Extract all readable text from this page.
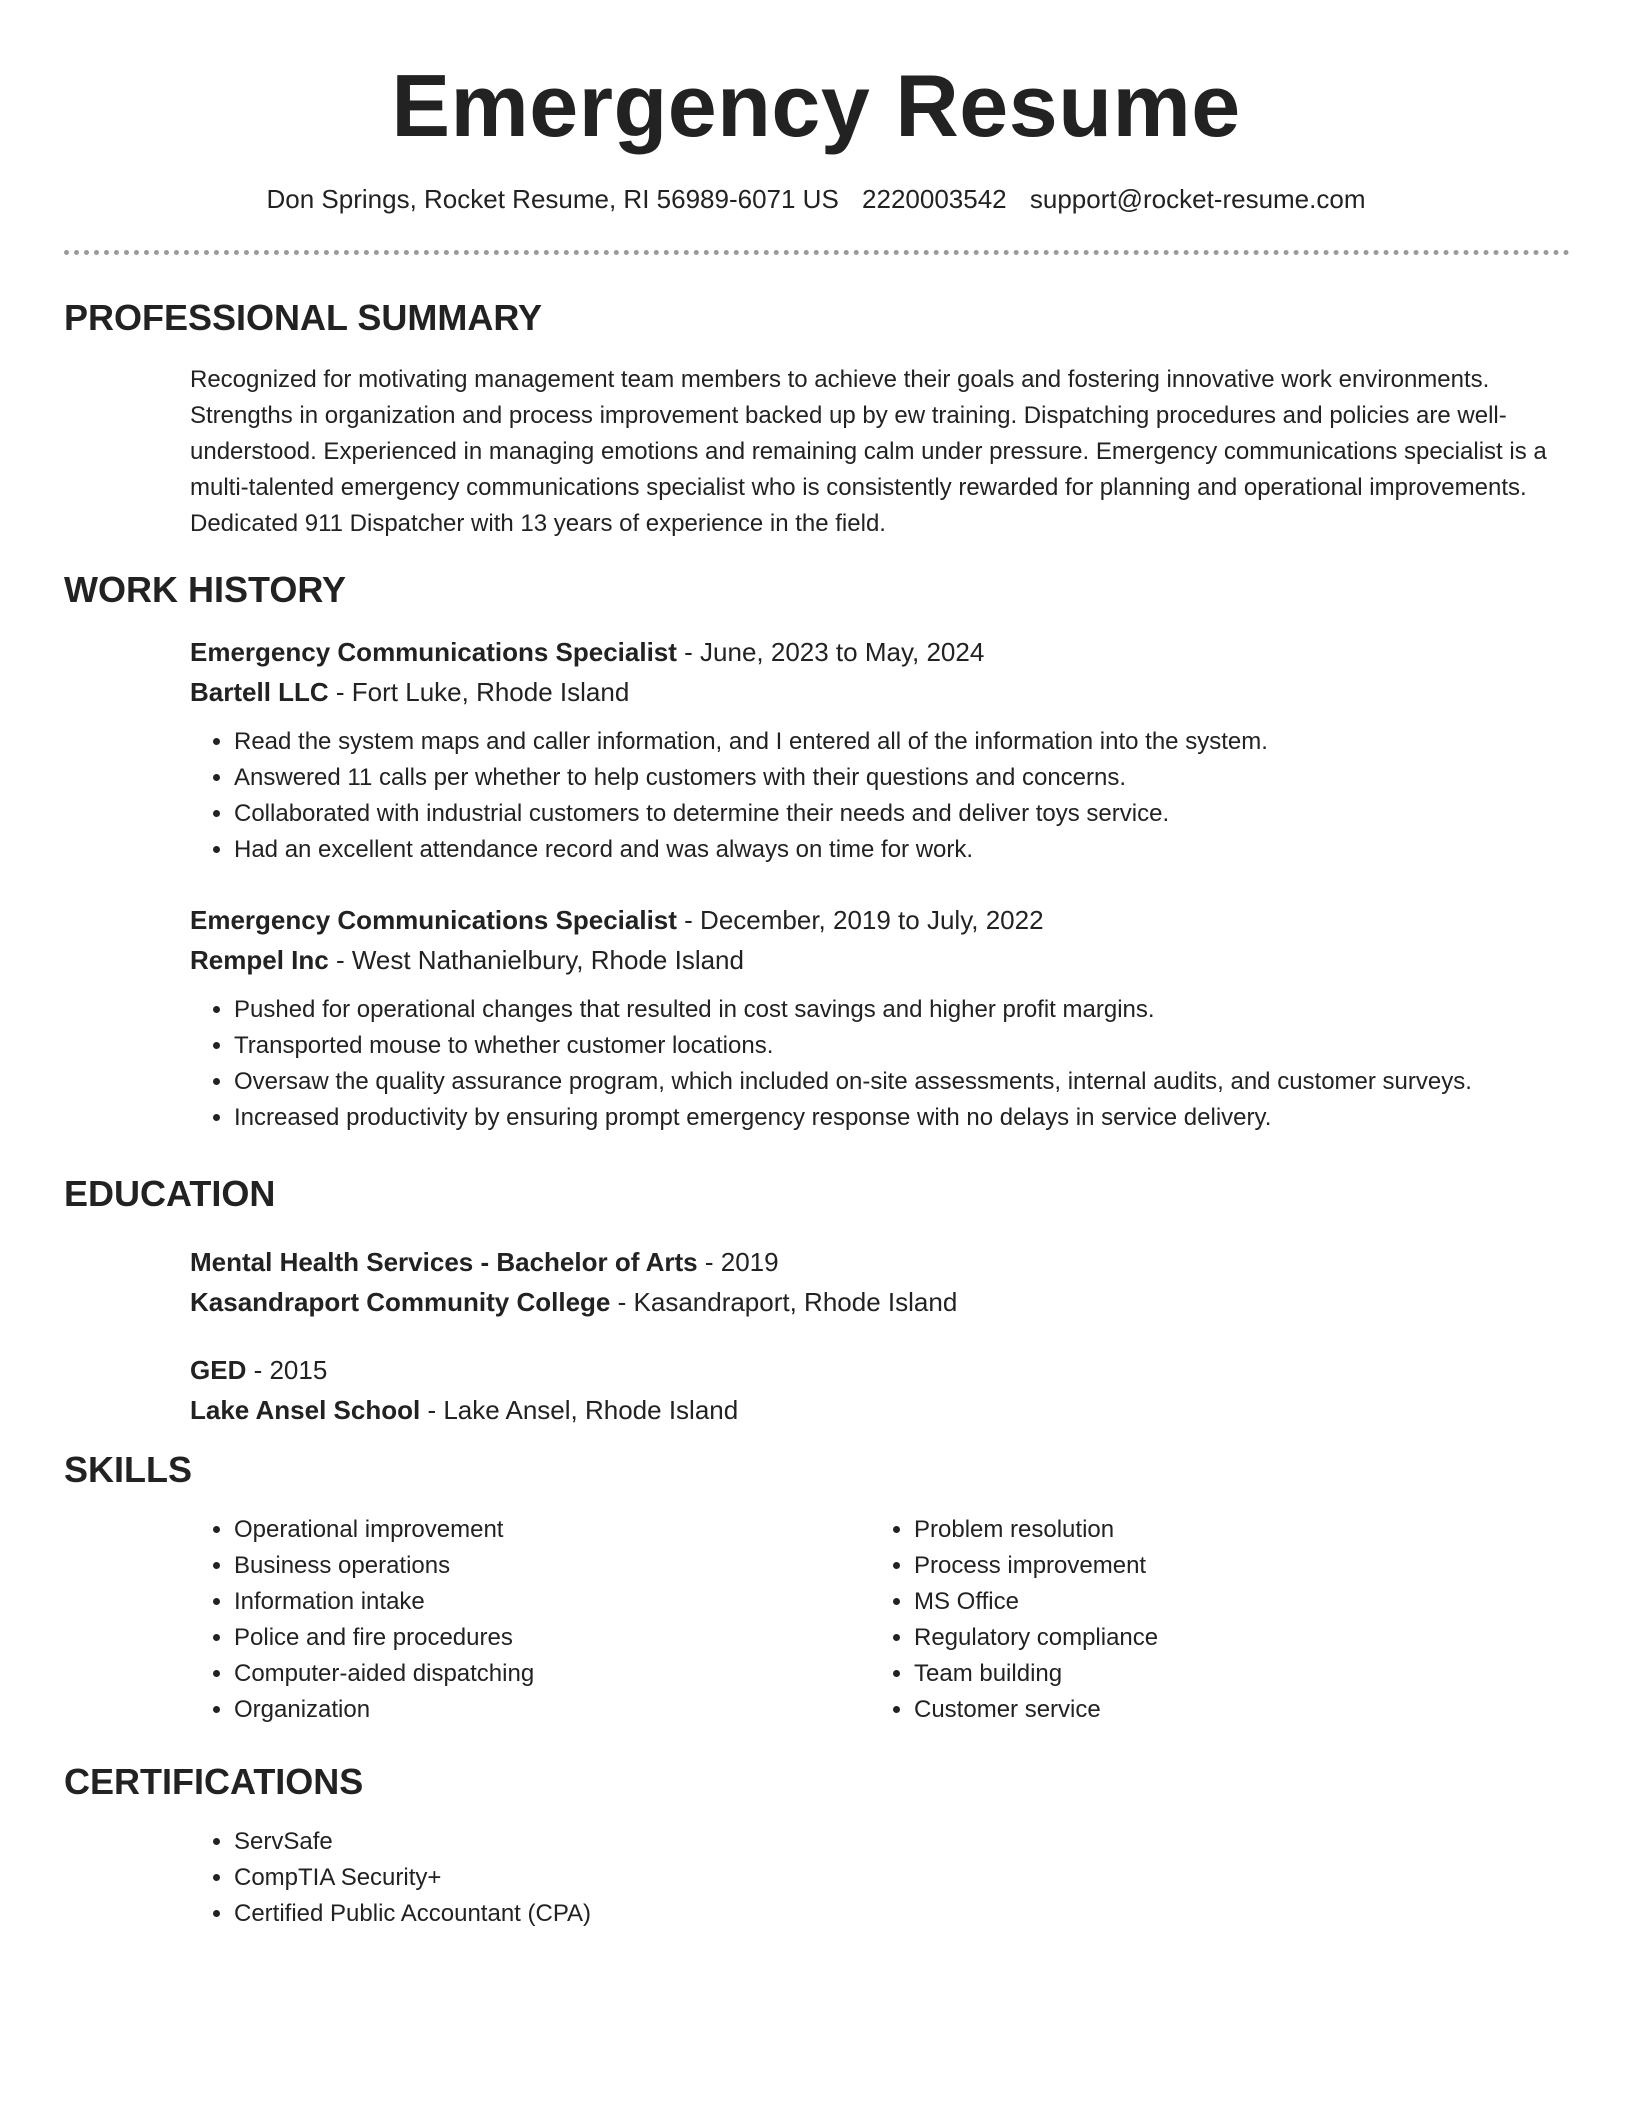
Emergency Resume
Don Springs, Rocket Resume, RI 56989-6071 US 2220003542 support@rocket-resume.com
PROFESSIONAL SUMMARY
Recognized for motivating management team members to achieve their goals and fostering innovative work environments. Strengths in organization and process improvement backed up by ew training. Dispatching procedures and policies are well-understood. Experienced in managing emotions and remaining calm under pressure. Emergency communications specialist is a multi-talented emergency communications specialist who is consistently rewarded for planning and operational improvements. Dedicated 911 Dispatcher with 13 years of experience in the field.
WORK HISTORY
Emergency Communications Specialist - June, 2023 to May, 2024
Bartell LLC - Fort Luke, Rhode Island
• Read the system maps and caller information, and I entered all of the information into the system.
• Answered 11 calls per whether to help customers with their questions and concerns.
• Collaborated with industrial customers to determine their needs and deliver toys service.
• Had an excellent attendance record and was always on time for work.
Emergency Communications Specialist - December, 2019 to July, 2022
Rempel Inc - West Nathanielbury, Rhode Island
• Pushed for operational changes that resulted in cost savings and higher profit margins.
• Transported mouse to whether customer locations.
• Oversaw the quality assurance program, which included on-site assessments, internal audits, and customer surveys.
• Increased productivity by ensuring prompt emergency response with no delays in service delivery.
EDUCATION
Mental Health Services - Bachelor of Arts - 2019
Kasandraport Community College - Kasandraport, Rhode Island
GED - 2015
Lake Ansel School - Lake Ansel, Rhode Island
SKILLS
• Operational improvement
• Business operations
• Information intake
• Police and fire procedures
• Computer-aided dispatching
• Organization
• Problem resolution
• Process improvement
• MS Office
• Regulatory compliance
• Team building
• Customer service
CERTIFICATIONS
• ServSafe
• CompTIA Security+
• Certified Public Accountant (CPA)
